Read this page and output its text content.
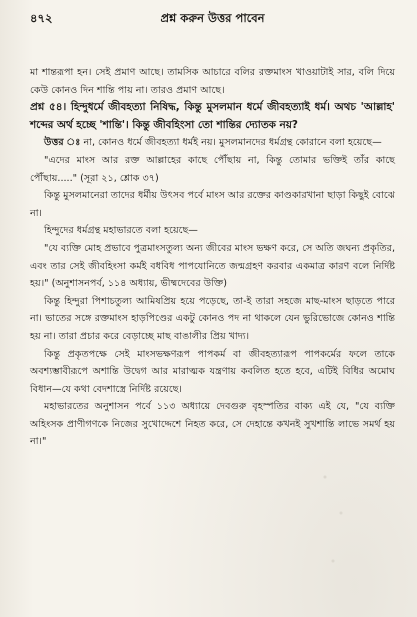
৪৭২	প্রশ্ন করুন উত্তর পাবেন

মা শান্তরূপা হন। সেই প্রমাণ আছে। তামসিক আচারে বলির রক্তমাংস খাওয়াটাই সার, বলি দিয়ে কেউ কোনও দিন শান্তি পায় না। তারও প্রমাণ আছে।

প্রশ্ন ৫৪। হিন্দুধর্মে জীবহত্যা নিষিদ্ধ, কিন্তু মুসলমান ধর্মে জীবহত্যাই ধর্ম। অথচ 'আল্লাহ' শব্দের অর্থ হচ্ছে 'শান্তি'। কিন্তু জীবহিংসা তো শান্তির দ্যোতক নয়?

উত্তর ঃ না, কোনও ধর্মে জীবহত্যা ধর্মই নয়। মুসলমানদের ধর্মগ্রন্থ কোরানে বলা হয়েছে—

"এদের মাংস আর রক্ত আল্লাহের কাছে পৌঁছায় না, কিন্তু তোমার ভক্তিই তাঁর কাছে পৌঁছায়....." (সূরা ২১, শ্লোক ৩৭)

কিন্তু মুসলমানেরা তাদের ধর্মীয় উৎসব পর্বে মাংস আর রক্তের কাণ্ডকারখানা ছাড়া কিছুই বোঝে না।

হিন্দুদের ধর্মগ্রন্থ মহাভারতে বলা হয়েছে—

"যে ব্যক্তি মোহ প্রভাবে পুত্রমাংসতুল্য অন্য জীবের মাংস ভক্ষণ করে, সে অতি জঘন্য প্রকৃতির, এবং তার সেই জীবহিংসা কর্মই বধবিধ পাপযোনিতে জন্মগ্রহণ করবার একমাত্র কারণ বলে নির্দিষ্ট হয়।" (অনুশাসনপর্ব, ১১৪ অধ্যায়, ভীষ্মদেবের উক্তি)

কিন্তু হিন্দুরা পিশাচতুল্য আমিষপ্রিয় হয়ে পড়েছে, তা-ই তারা সহজে মাছ-মাংস ছাড়তে পারে না। ভাতের সঙ্গে রক্তমাংস হাড়পিণ্ডের একটু কোনও পদ না থাকলে যেন ভুরিভোজে কোনও শান্তি হয় না। তারা প্রচার করে বেড়াচ্ছে মাছ বাঙালীর প্রিয় খাদ্য।

কিন্তু প্রকৃতপক্ষে সেই মাংসভক্ষণরূপ পাপকর্ম বা জীবহত্যারূপ পাপকর্মের ফলে তাকে অবশ্যম্ভাবীরূপে অশান্তি উদ্বেগ আর মারাত্মক যন্ত্রণায় কবলিত হতে হবে, এটিই বিধির অমোঘ বিধান—যে কথা বেদশাস্ত্রে নির্দিষ্ট রয়েছে।

মহাভারতের অনুশাসন পর্বে ১১৩ অধ্যায়ে দেবগুরু বৃহস্পতির বাক্য এই যে, "যে ব্যক্তি অহিংসক প্রাণীগণকে নিজের সুখোদ্দেশে নিহত করে, সে দেহান্তে কখনই সুখশান্তি লাভে সমর্থ হয় না।"
